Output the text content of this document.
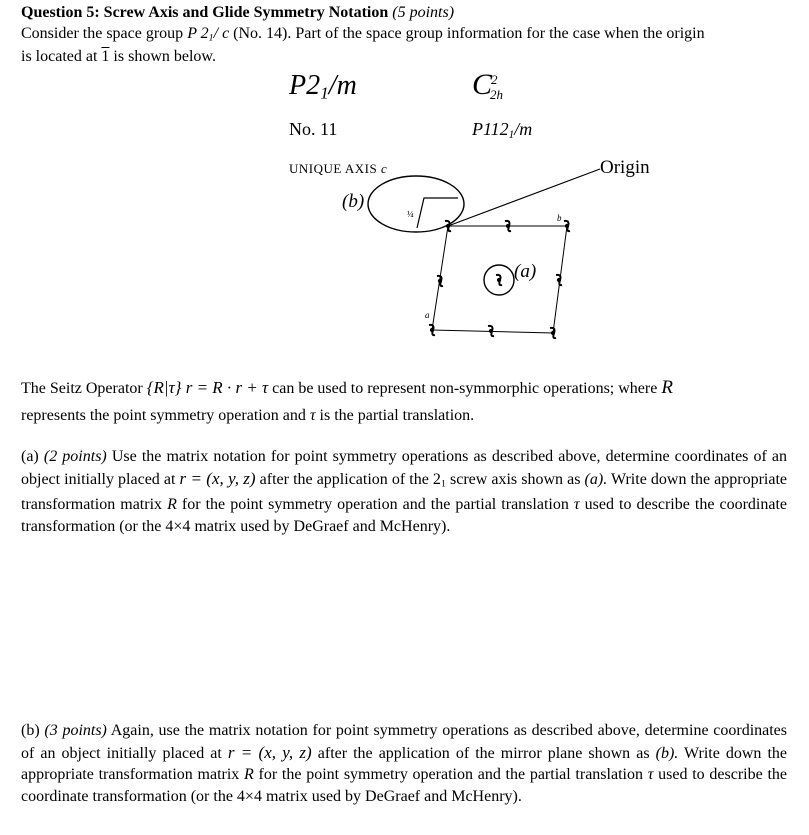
Question 5: Screw Axis and Glide Symmetry Notation (5 points)
Consider the space group P $2_1/$ c (No. 14). Part of the space group information for the case when the origin
is located at 1 is shown below.
$P2_1/m$	C
2
2h
No. 11	$P112_1/m$
UNIQUE AXIS c	Origin
(b)
(a)
a
b
¼
The Seitz Operator {R|τ} r = R · r + τ can be used to represent non-symmorphic operations; where R
represents the point symmetry operation and τ is the partial translation.
(a) (2 points) Use the matrix notation for point symmetry operations as described above, determine coordinates of an object initially placed at r = (x, y, z) after the application of the $2_1$ screw axis shown as (a). Write down the appropriate transformation matrix R for the point symmetry operation and the partial translation τ used to describe the coordinate transformation (or the 4×4 matrix used by DeGraef and McHenry).
(b) (3 points) Again, use the matrix notation for point symmetry operations as described above, determine coordinates of an object initially placed at r = (x, y, z) after the application of the mirror plane shown as (b). Write down the appropriate transformation matrix R for the point symmetry operation and the partial translation τ used to describe the coordinate transformation (or the 4×4 matrix used by DeGraef and McHenry).
